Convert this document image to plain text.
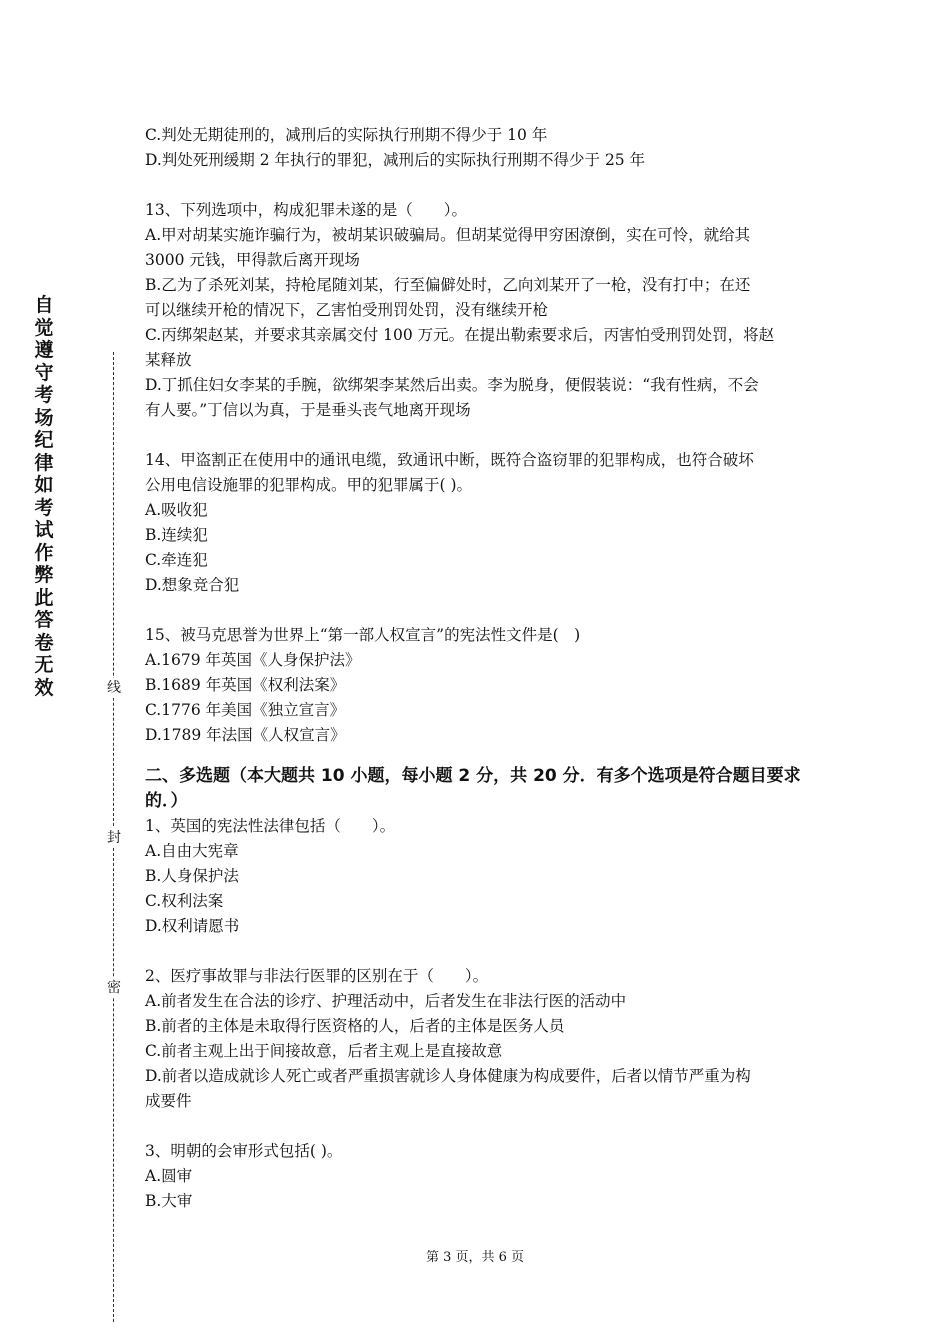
自觉遵守考场纪律如考试作弊此答卷无效	线
封
密
C.判处无期徒刑的，减刑后的实际执行刑期不得少于 10 年
D.判处死刑缓期 2 年执行的罪犯，减刑后的实际执行刑期不得少于 25 年
13、下列选项中，构成犯罪未遂的是（　　）。
A.甲对胡某实施诈骗行为，被胡某识破骗局。但胡某觉得甲穷困潦倒，实在可怜，就给其
3000 元钱，甲得款后离开现场
B.乙为了杀死刘某，持枪尾随刘某，行至偏僻处时，乙向刘某开了一枪，没有打中；在还
可以继续开枪的情况下，乙害怕受刑罚处罚，没有继续开枪
C.丙绑架赵某，并要求其亲属交付 100 万元。在提出勒索要求后，丙害怕受刑罚处罚，将赵
某释放
D.丁抓住妇女李某的手腕，欲绑架李某然后出卖。李为脱身，便假装说：“我有性病，不会
有人要。”丁信以为真，于是垂头丧气地离开现场
14、甲盗割正在使用中的通讯电缆，致通讯中断，既符合盗窃罪的犯罪构成，也符合破坏
公用电信设施罪的犯罪构成。甲的犯罪属于( )。
A.吸收犯
B.连续犯
C.牵连犯
D.想象竞合犯
15、被马克思誉为世界上“第一部人权宣言”的宪法性文件是(　)
A.1679 年英国《人身保护法》
B.1689 年英国《权利法案》
C.1776 年美国《独立宣言》
D.1789 年法国《人权宣言》
二、多选题（本大题共 10 小题，每小题 2 分，共 20 分．有多个选项是符合题目要求的．）
1、英国的宪法性法律包括（　　）。
A.自由大宪章
B.人身保护法
C.权利法案
D.权利请愿书
2、医疗事故罪与非法行医罪的区别在于（　　）。
A.前者发生在合法的诊疗、护理活动中，后者发生在非法行医的活动中
B.前者的主体是未取得行医资格的人，后者的主体是医务人员
C.前者主观上出于间接故意，后者主观上是直接故意
D.前者以造成就诊人死亡或者严重损害就诊人身体健康为构成要件，后者以情节严重为构
成要件
3、明朝的会审形式包括( )。
A.圆审
B.大审
第 3 页，共 6 页
